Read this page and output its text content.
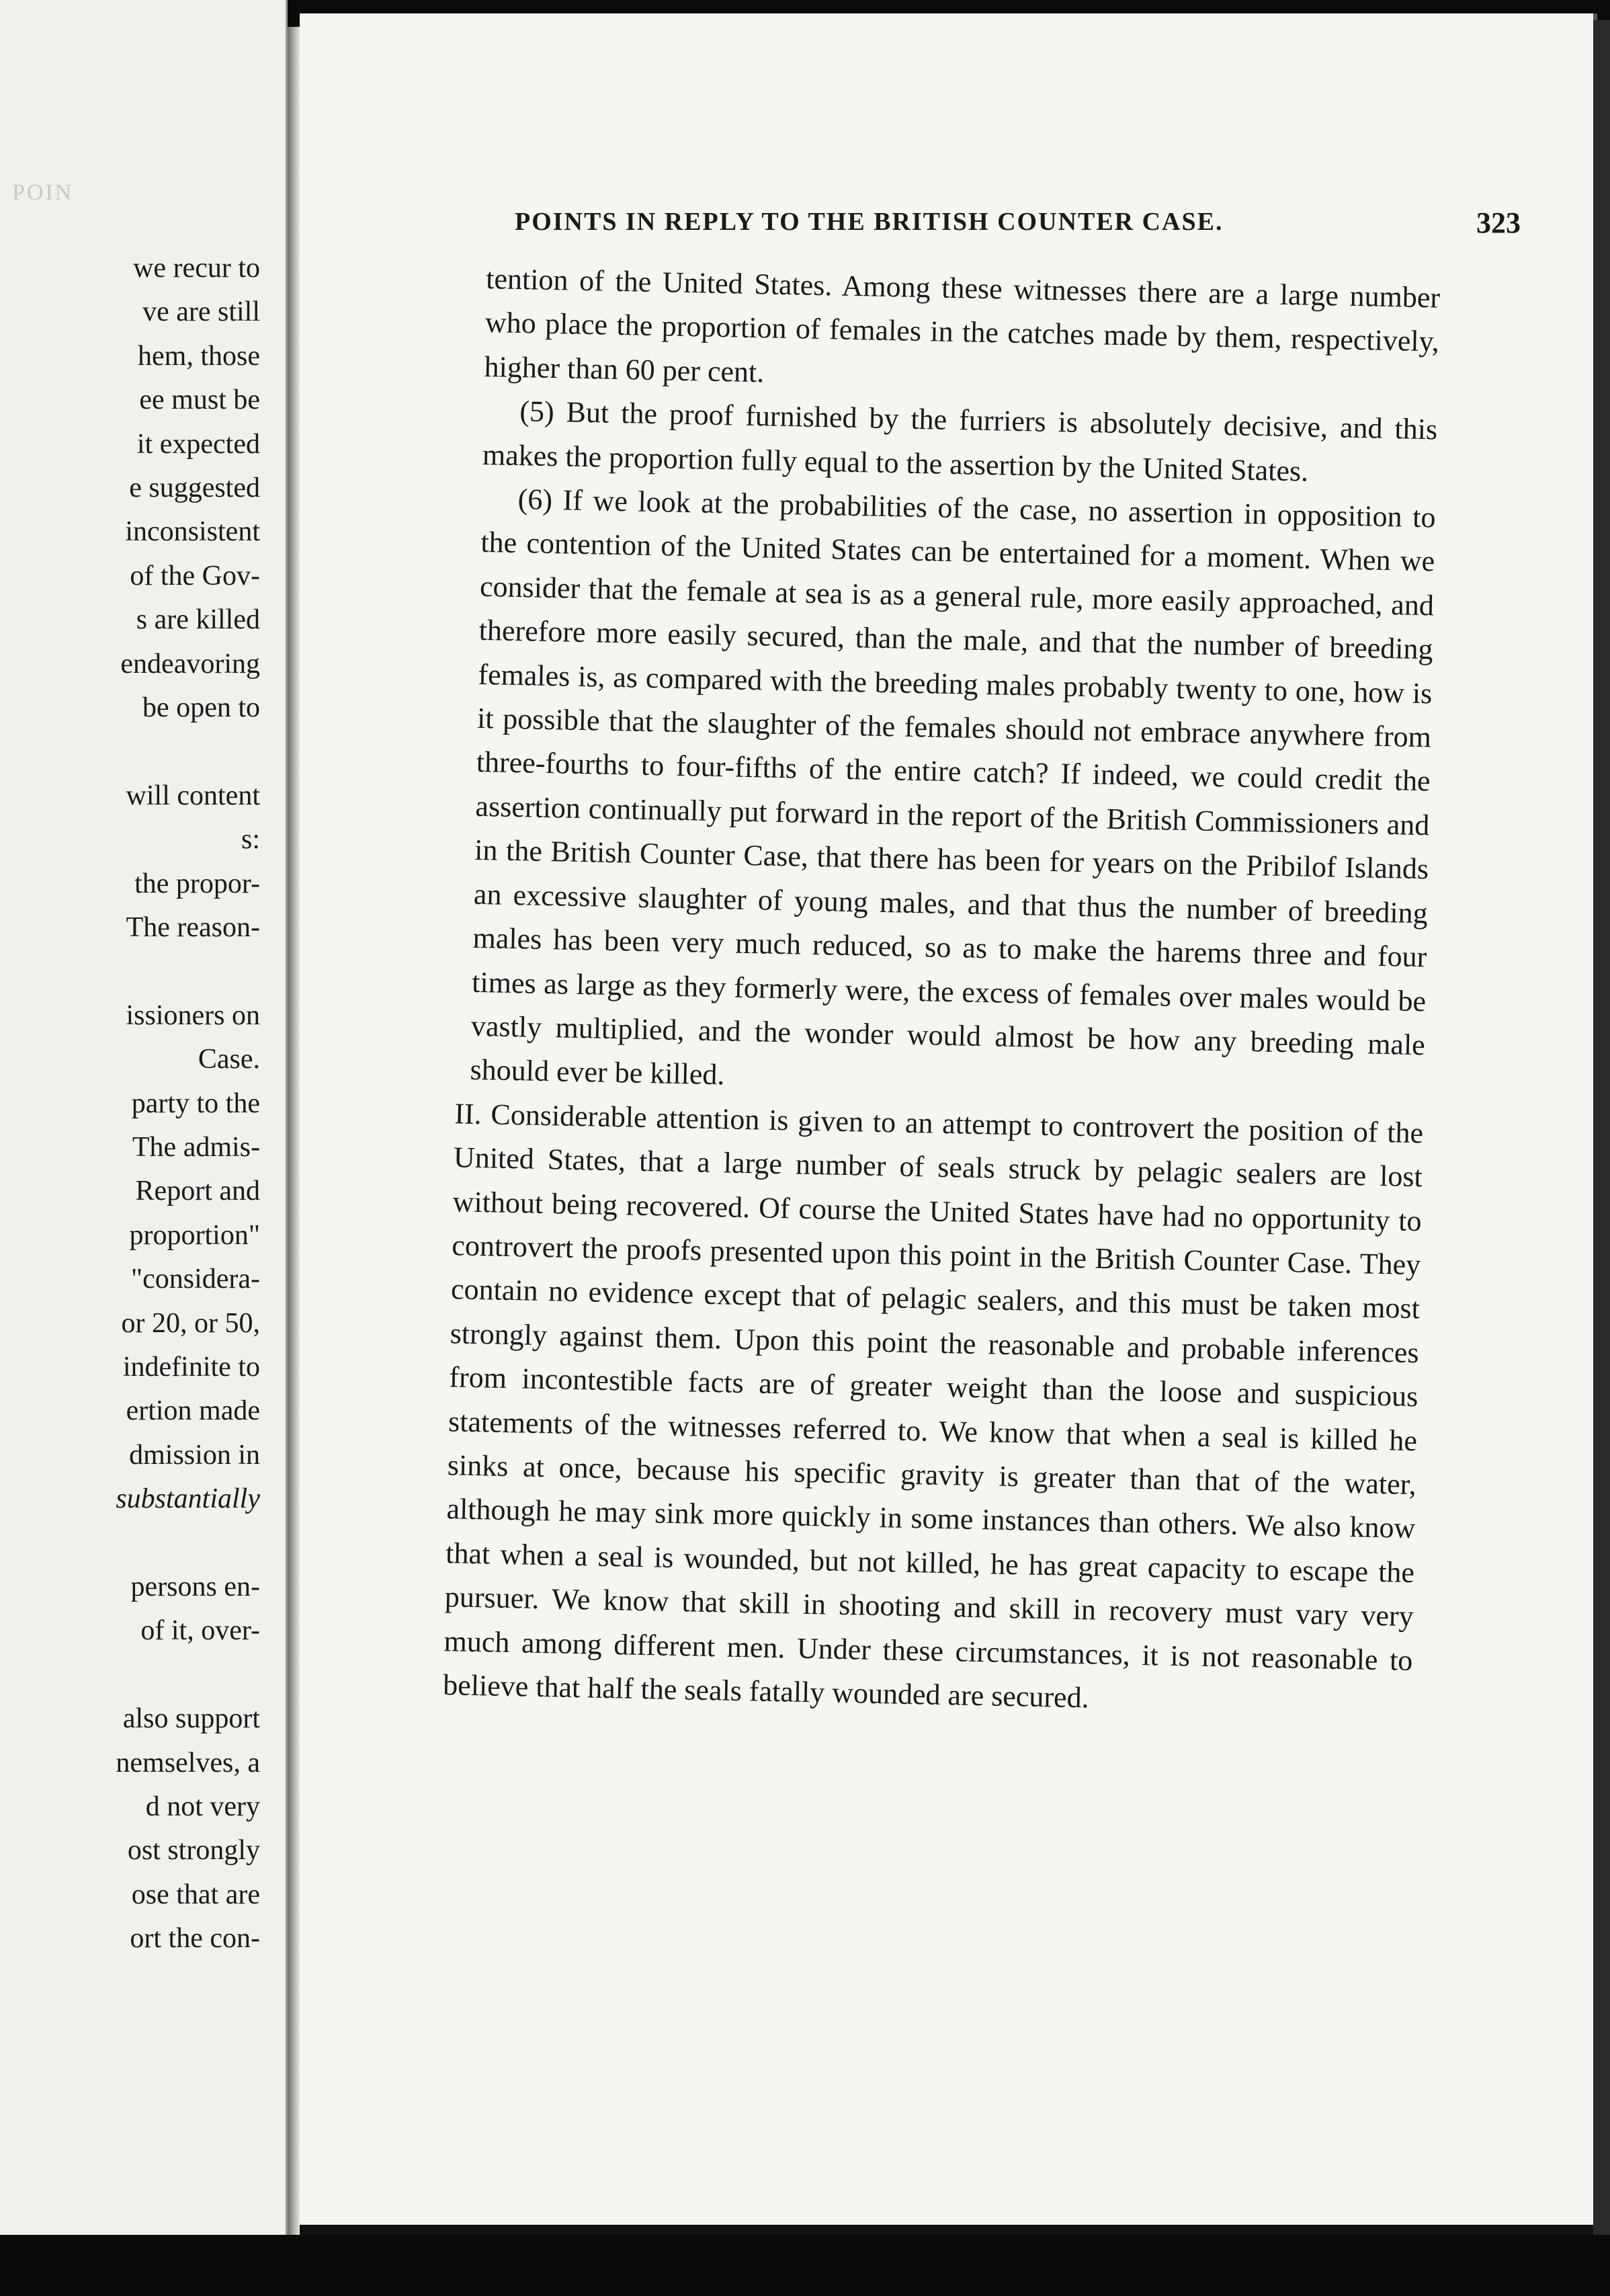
POIN
we recur to
ve are still
hem, those
ee must be
it expected
e suggested
inconsistent
of the Gov-
s are killed
endeavoring
be open to
will content
s:
the propor-
The reason-
issioners on
Case.
party to the
The admis-
Report and
proportion"
"considera-
or 20, or 50,
indefinite to
ertion made
dmission in
substantially
persons en-
of it, over-
also support
nemselves, a
d not very
ost strongly
ose that are
ort the con-
POINTS IN REPLY TO THE BRITISH COUNTER CASE.	323

tention of the United States. Among these witnesses there are a large number who place the proportion of females in the catches made by them, respectively, higher than 60 per cent.

(5) But the proof furnished by the furriers is absolutely decisive, and this makes the proportion fully equal to the assertion by the United States.

(6) If we look at the probabilities of the case, no assertion in opposition to the contention of the United States can be entertained for a moment. When we consider that the female at sea is as a general rule, more easily approached, and therefore more easily secured, than the male, and that the number of breeding females is, as compared with the breeding males probably twenty to one, how is it possible that the slaughter of the females should not embrace anywhere from three-fourths to four-fifths of the entire catch? If indeed, we could credit the assertion continually put forward in the report of the British Commissioners and in the British Counter Case, that there has been for years on the Pribilof Islands an excessive slaughter of young males, and that thus the number of breeding males has been very much reduced, so as to make the harems three and four times as large as they formerly were, the excess of females over males would be vastly multiplied, and the wonder would almost be how any breeding male should ever be killed.

II. Considerable attention is given to an attempt to controvert the position of the United States, that a large number of seals struck by pelagic sealers are lost without being recovered. Of course the United States have had no opportunity to controvert the proofs presented upon this point in the British Counter Case. They contain no evidence except that of pelagic sealers, and this must be taken most strongly against them. Upon this point the reasonable and probable inferences from incontestible facts are of greater weight than the loose and suspicious statements of the witnesses referred to. We know that when a seal is killed he sinks at once, because his specific gravity is greater than that of the water, although he may sink more quickly in some instances than others. We also know that when a seal is wounded, but not killed, he has great capacity to escape the pursuer. We know that skill in shooting and skill in recovery must vary very much among different men. Under these circumstances, it is not reasonable to believe that half the seals fatally wounded are secured.
